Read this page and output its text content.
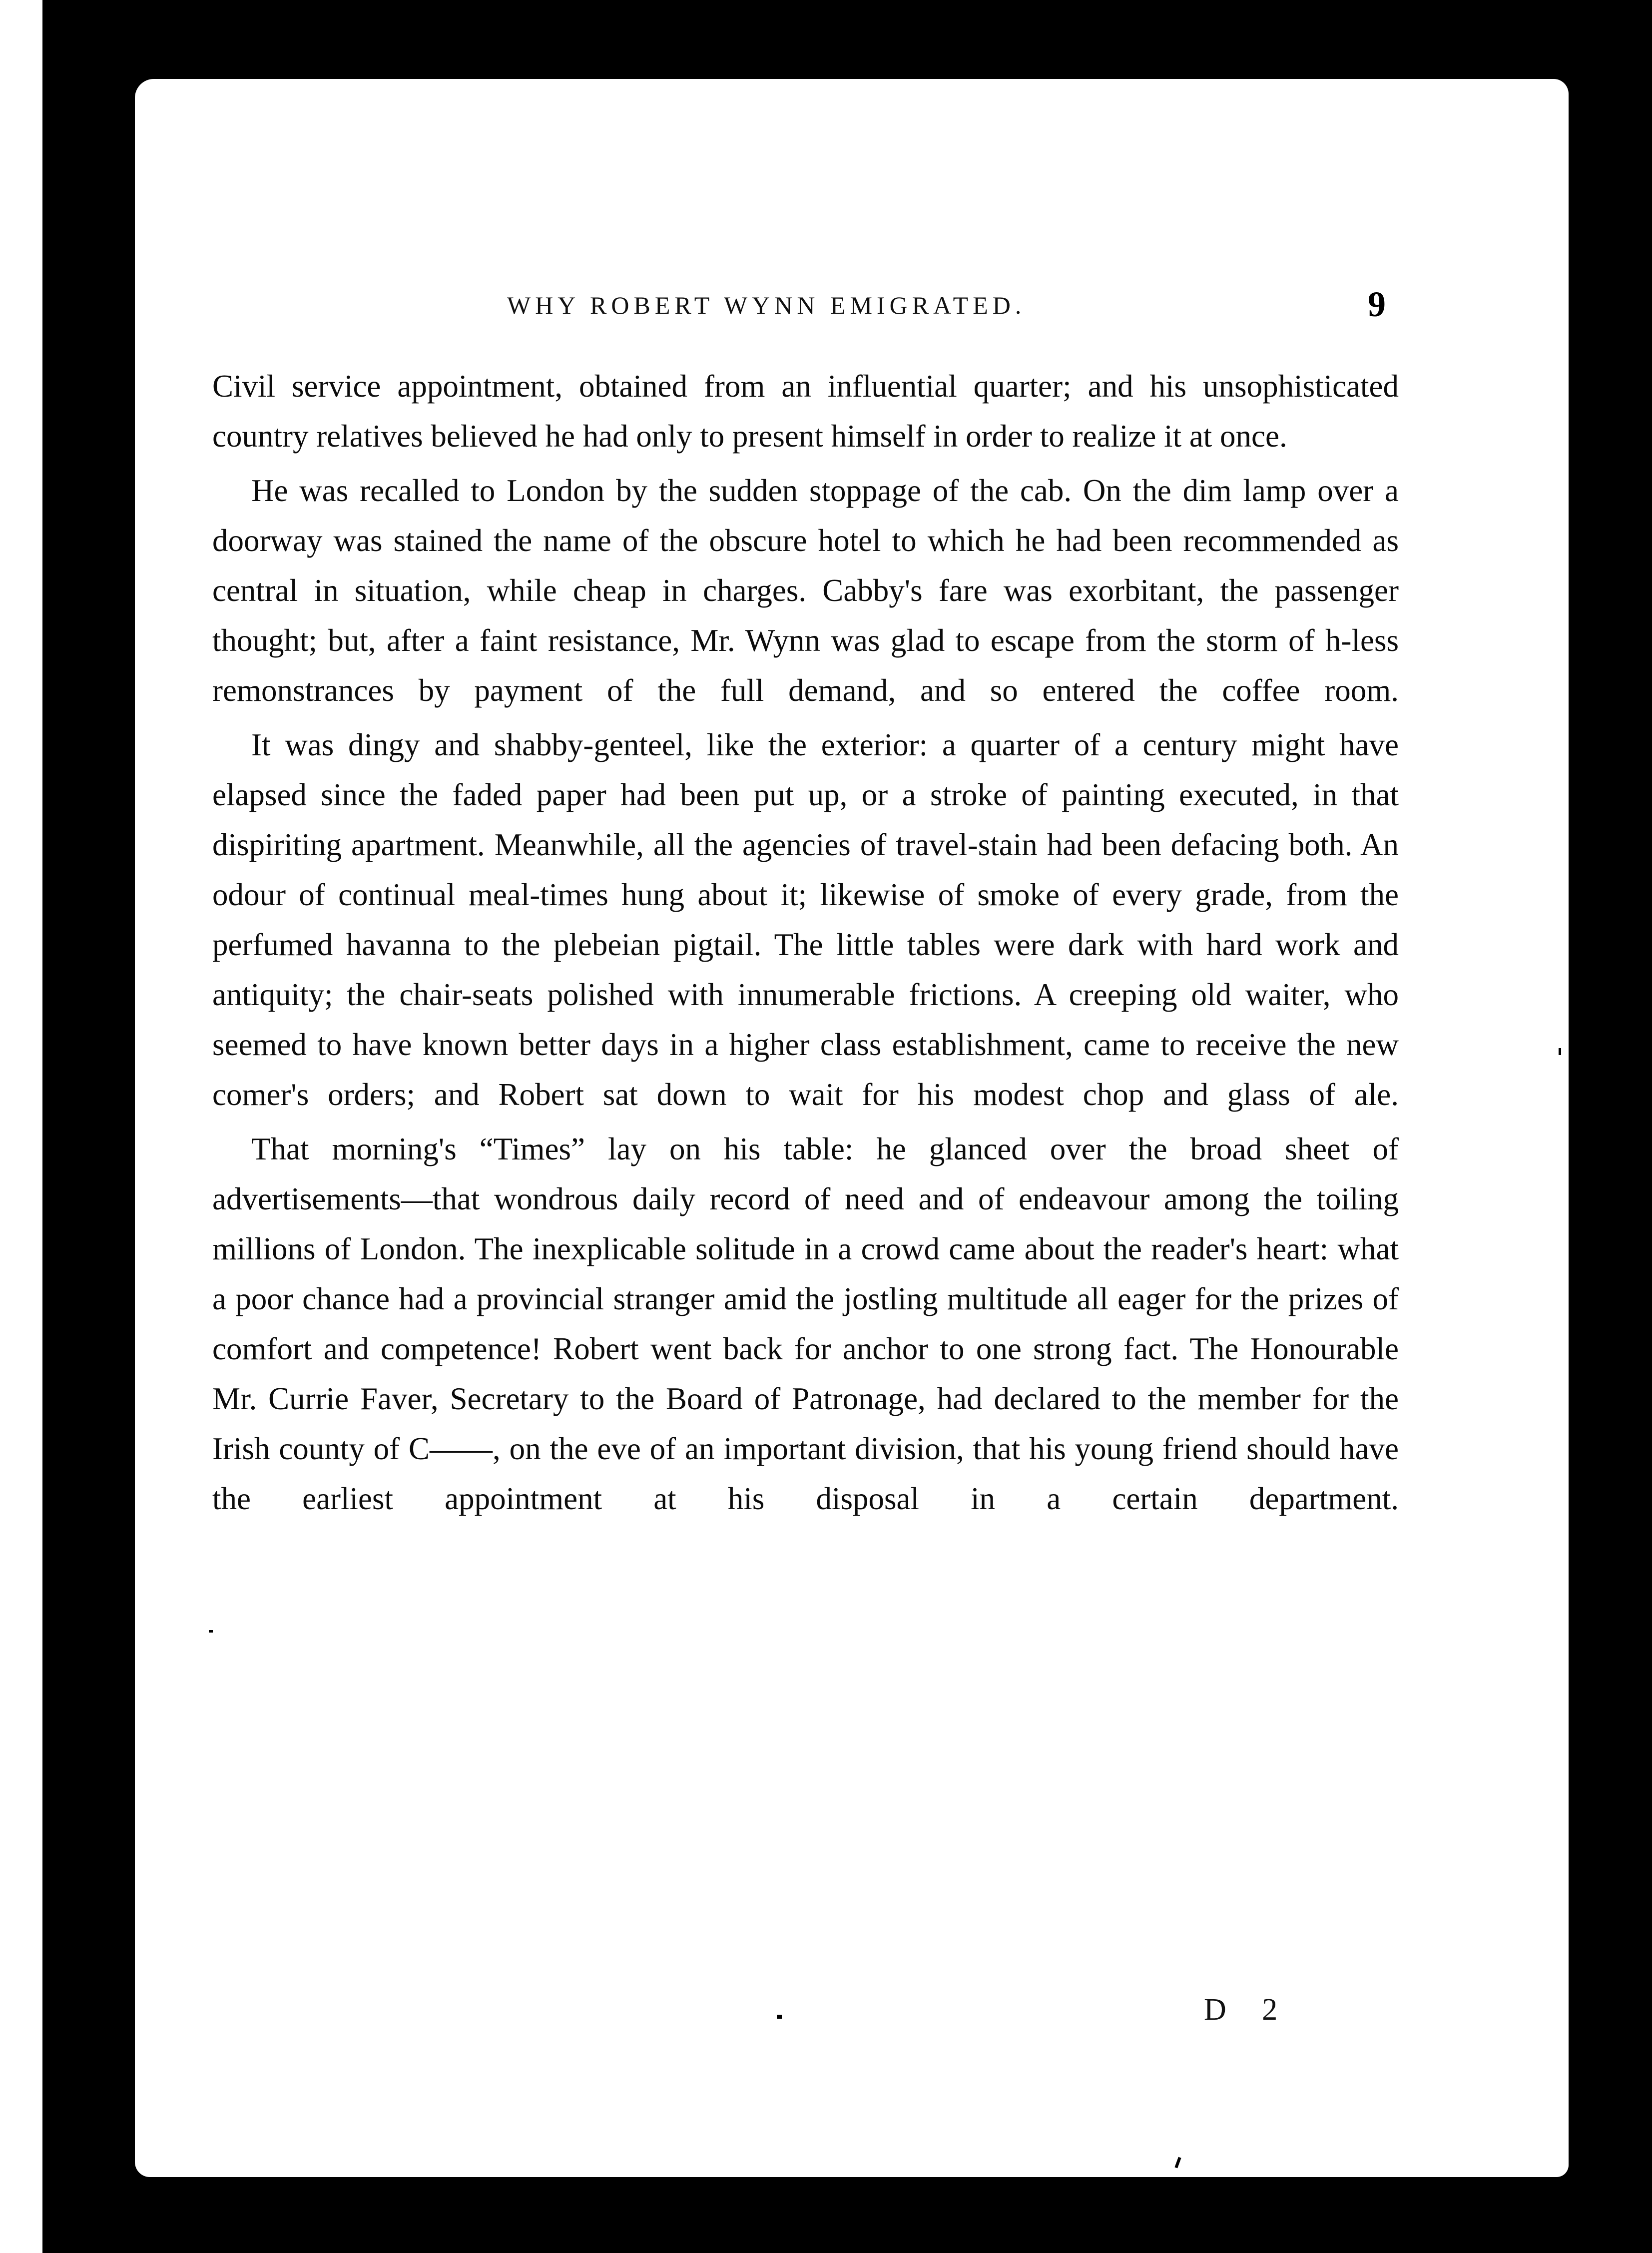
WHY ROBERT WYNN EMIGRATED.	9

Civil service appointment, obtained from an influential quarter; and his unsophisticated country relatives believed he had only to present himself in order to realize it at once.

He was recalled to London by the sudden stoppage of the cab. On the dim lamp over a doorway was stained the name of the obscure hotel to which he had been recommended as central in situation, while cheap in charges. Cabby's fare was exorbitant, the passenger thought; but, after a faint resistance, Mr. Wynn was glad to escape from the storm of h-less remonstrances by payment of the full demand, and so entered the coffee room.

It was dingy and shabby-genteel, like the exterior: a quarter of a century might have elapsed since the faded paper had been put up, or a stroke of painting executed, in that dispiriting apartment. Meanwhile, all the agencies of travel-stain had been defacing both. An odour of continual meal-times hung about it; likewise of smoke of every grade, from the perfumed havanna to the plebeian pigtail. The little tables were dark with hard work and antiquity; the chair-seats polished with innumerable frictions. A creeping old waiter, who seemed to have known better days in a higher class establishment, came to receive the new comer's orders; and Robert sat down to wait for his modest chop and glass of ale.

That morning's “Times” lay on his table: he glanced over the broad sheet of advertisements—that wondrous daily record of need and of endeavour among the toiling millions of London. The inexplicable solitude in a crowd came about the reader's heart: what a poor chance had a provincial stranger amid the jostling multitude all eager for the prizes of comfort and competence! Robert went back for anchor to one strong fact. The Honourable Mr. Currie Faver, Secretary to the Board of Patronage, had declared to the member for the Irish county of C——, on the eve of an important division, that his young friend should have the earliest appointment at his disposal in a certain department.

D 2
